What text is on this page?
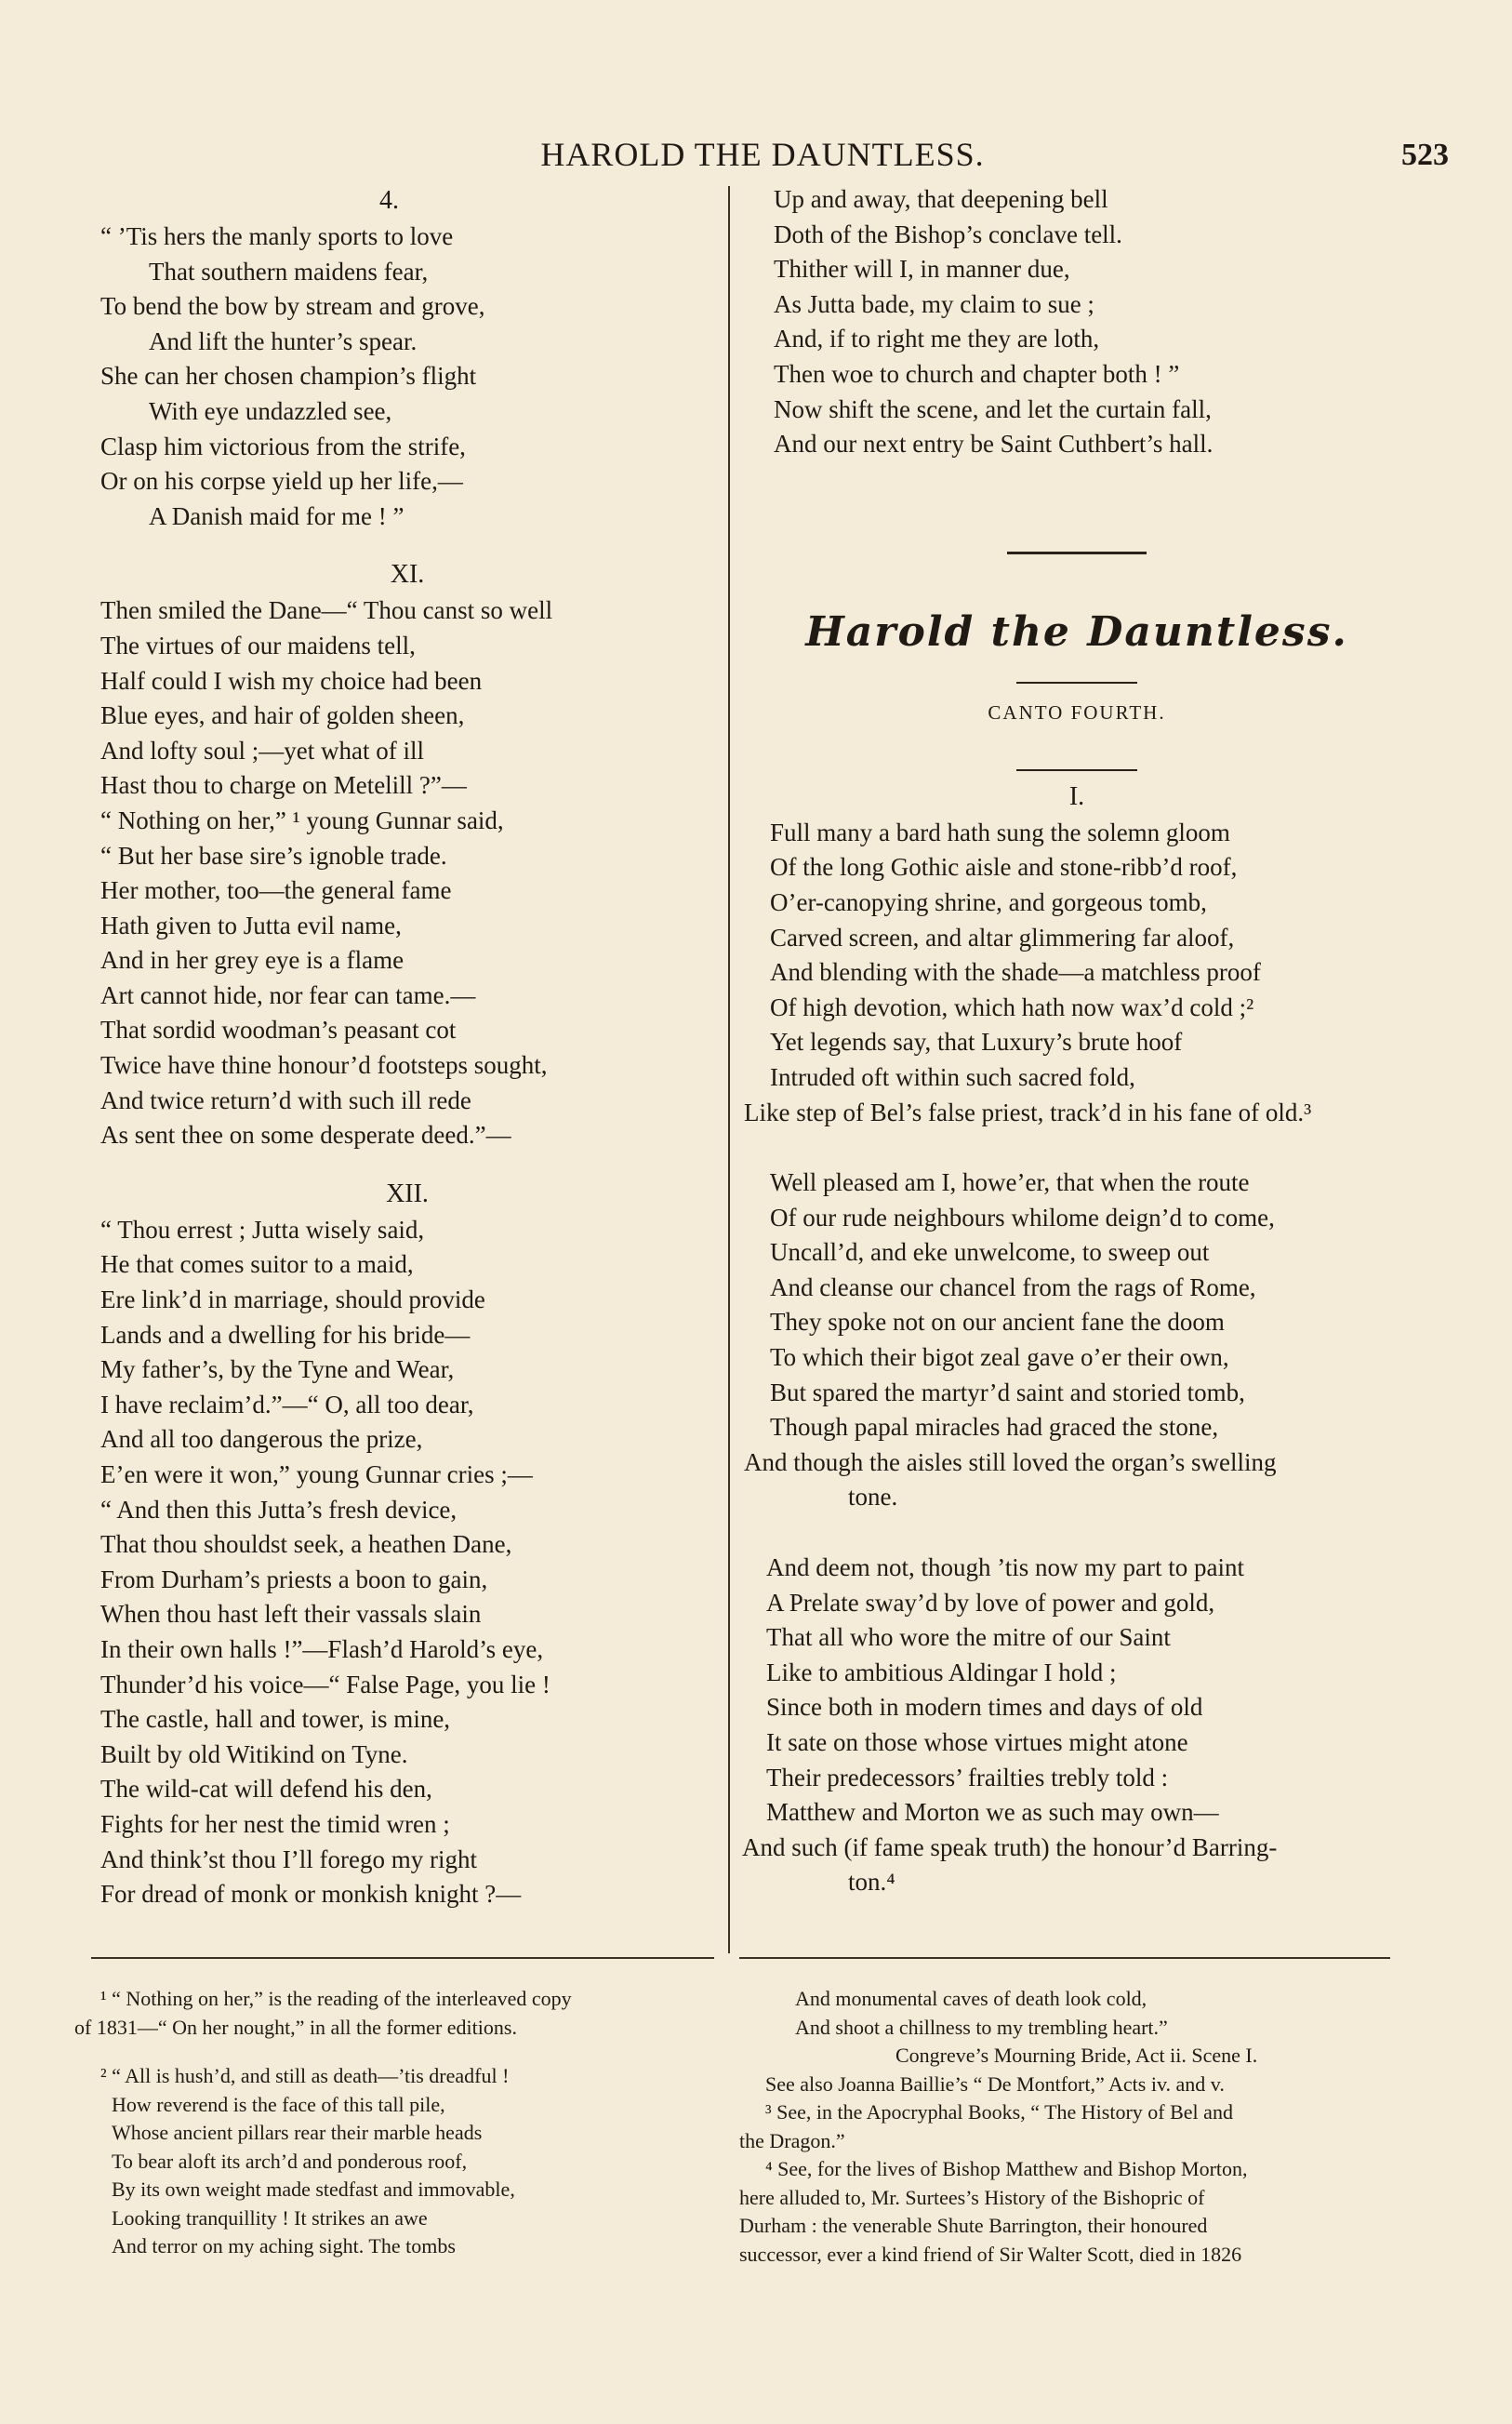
HAROLD THE DAUNTLESS.	523
4.
“ ’Tis hers the manly sports to love
That southern maidens fear,
To bend the bow by stream and grove,
And lift the hunter’s spear.
She can her chosen champion’s flight
With eye undazzled see,
Clasp him victorious from the strife,
Or on his corpse yield up her life,—
A Danish maid for me ! ”
XI.
Then smiled the Dane—“ Thou canst so well
The virtues of our maidens tell,
Half could I wish my choice had been
Blue eyes, and hair of golden sheen,
And lofty soul ;—yet what of ill
Hast thou to charge on Metelill ?”—
“ Nothing on her,” ¹ young Gunnar said,
“ But her base sire’s ignoble trade.
Her mother, too—the general fame
Hath given to Jutta evil name,
And in her grey eye is a flame
Art cannot hide, nor fear can tame.—
That sordid woodman’s peasant cot
Twice have thine honour’d footsteps sought,
And twice return’d with such ill rede
As sent thee on some desperate deed.”—
XII.
“ Thou errest ; Jutta wisely said,
He that comes suitor to a maid,
Ere link’d in marriage, should provide
Lands and a dwelling for his bride—
My father’s, by the Tyne and Wear,
I have reclaim’d.”—“ O, all too dear,
And all too dangerous the prize,
E’en were it won,” young Gunnar cries ;—
“ And then this Jutta’s fresh device,
That thou shouldst seek, a heathen Dane,
From Durham’s priests a boon to gain,
When thou hast left their vassals slain
In their own halls !”—Flash’d Harold’s eye,
Thunder’d his voice—“ False Page, you lie !
The castle, hall and tower, is mine,
Built by old Witikind on Tyne.
The wild-cat will defend his den,
Fights for her nest the timid wren ;
And think’st thou I’ll forego my right
For dread of monk or monkish knight ?—
Up and away, that deepening bell
Doth of the Bishop’s conclave tell.
Thither will I, in manner due,
As Jutta bade, my claim to sue ;
And, if to right me they are loth,
Then woe to church and chapter both ! ”
Now shift the scene, and let the curtain fall,
And our next entry be Saint Cuthbert’s hall.
Harold the Dauntless.
CANTO FOURTH.
I.
Full many a bard hath sung the solemn gloom
Of the long Gothic aisle and stone-ribb’d roof,
O’er-canopying shrine, and gorgeous tomb,
Carved screen, and altar glimmering far aloof,
And blending with the shade—a matchless proof
Of high devotion, which hath now wax’d cold ;²
Yet legends say, that Luxury’s brute hoof
Intruded oft within such sacred fold,
Like step of Bel’s false priest, track’d in his fane of old.³
Well pleased am I, howe’er, that when the route
Of our rude neighbours whilome deign’d to come,
Uncall’d, and eke unwelcome, to sweep out
And cleanse our chancel from the rags of Rome,
They spoke not on our ancient fane the doom
To which their bigot zeal gave o’er their own,
But spared the martyr’d saint and storied tomb,
Though papal miracles had graced the stone,
And though the aisles still loved the organ’s swelling
tone.
And deem not, though ’tis now my part to paint
A Prelate sway’d by love of power and gold,
That all who wore the mitre of our Saint
Like to ambitious Aldingar I hold ;
Since both in modern times and days of old
It sate on those whose virtues might atone
Their predecessors’ frailties trebly told :
Matthew and Morton we as such may own—
And such (if fame speak truth) the honour’d Barring-
ton.⁴
¹ “ Nothing on her,” is the reading of the interleaved copy
of 1831—“ On her nought,” in all the former editions.
² “ All is hush’d, and still as death—’tis dreadful !
How reverend is the face of this tall pile,
Whose ancient pillars rear their marble heads
To bear aloft its arch’d and ponderous roof,
By its own weight made stedfast and immovable,
Looking tranquillity ! It strikes an awe
And terror on my aching sight. The tombs
And monumental caves of death look cold,
And shoot a chillness to my trembling heart.”
Congreve’s Mourning Bride, Act ii. Scene I.
See also Joanna Baillie’s “ De Montfort,” Acts iv. and v.
³ See, in the Apocryphal Books, “ The History of Bel and
the Dragon.”
⁴ See, for the lives of Bishop Matthew and Bishop Morton,
here alluded to, Mr. Surtees’s History of the Bishopric of
Durham : the venerable Shute Barrington, their honoured
successor, ever a kind friend of Sir Walter Scott, died in 1826
